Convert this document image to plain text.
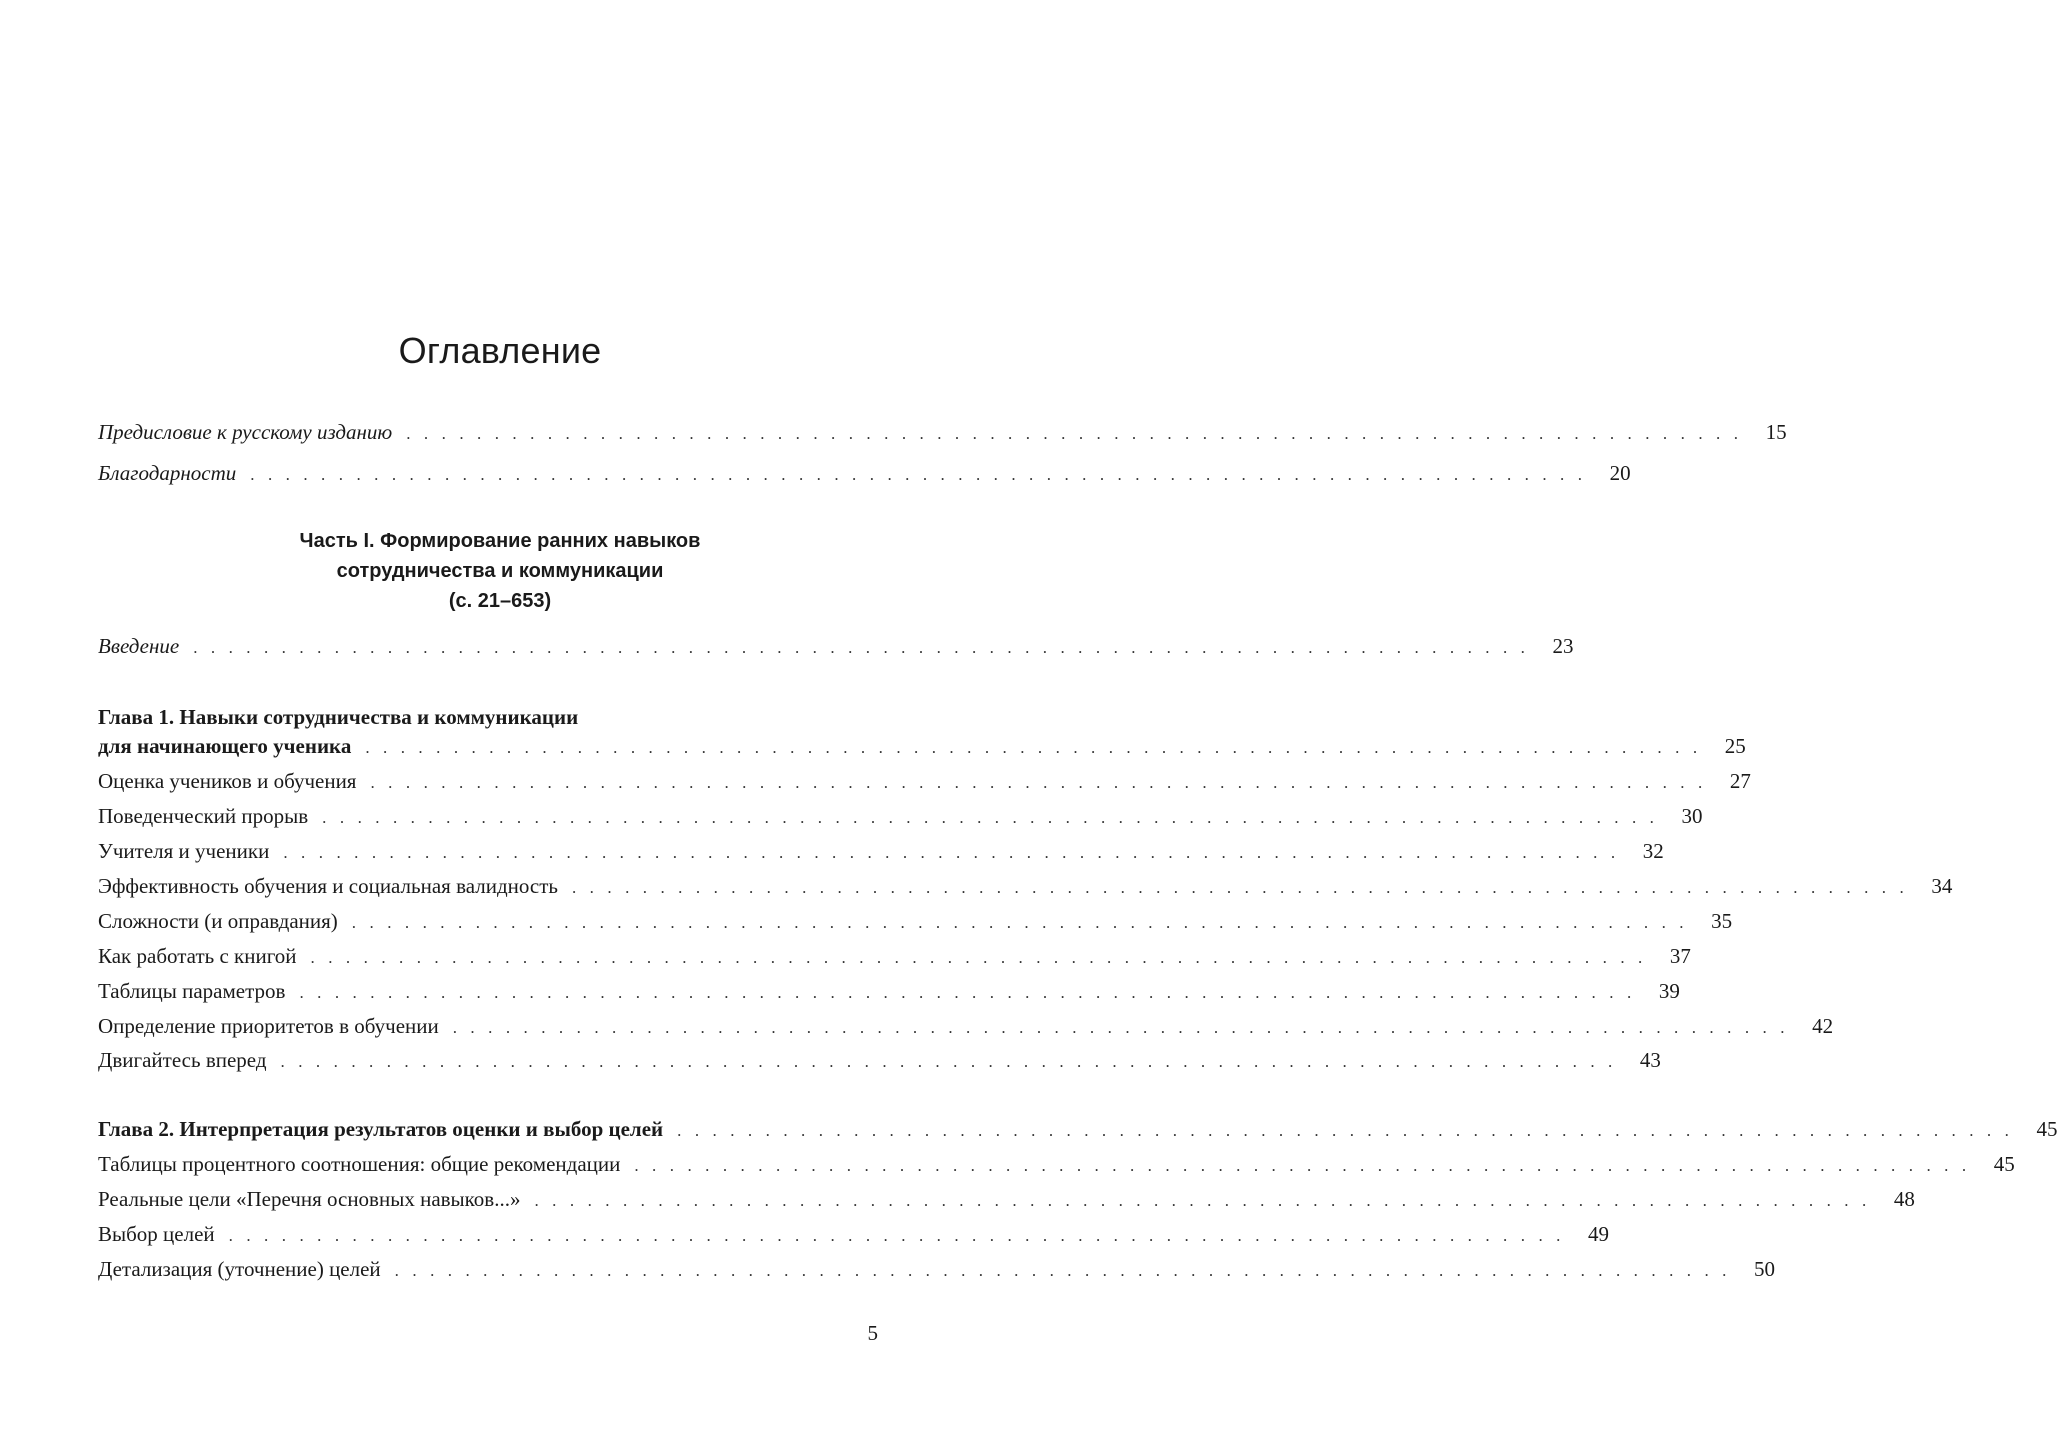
Оглавление
Предисловие к русскому изданию . . . . . . . . . . . . . . . . . . . . . . . . . . . . . . . . . . . . . . . . . . . . . . . . . . . . . . . . . . . . . . . . . . . . . . . . . . . . 15
Благодарности . . . . . . . . . . . . . . . . . . . . . . . . . . . . . . . . . . . . . . . . . . . . . . . . . . . . . . . . . . . . . . . . . . . . . . . . . . . . 20
Часть I. Формирование ранних навыков
сотрудничества и коммуникации
(с. 21–653)
Введение . . . . . . . . . . . . . . . . . . . . . . . . . . . . . . . . . . . . . . . . . . . . . . . . . . . . . . . . . . . . . . . . . . . . . . . . . . . . 23
Глава 1. Навыки сотрудничества и коммуникации
для начинающего ученика . . . . . . . . . . . . . . . . . . . . . . . . . . . . . . . . . . . . . . . . . . . . . . . . . . . . . . . . . . . . . . . . . . . . . . . . . . . . 25
Оценка учеников и обучения . . . . . . . . . . . . . . . . . . . . . . . . . . . . . . . . . . . . . . . . . . . . . . . . . . . . . . . . . . . . . . . . . . . . . . . . . . . . 27
Поведенческий прорыв . . . . . . . . . . . . . . . . . . . . . . . . . . . . . . . . . . . . . . . . . . . . . . . . . . . . . . . . . . . . . . . . . . . . . . . . . . . . 30
Учителя и ученики . . . . . . . . . . . . . . . . . . . . . . . . . . . . . . . . . . . . . . . . . . . . . . . . . . . . . . . . . . . . . . . . . . . . . . . . . . . . 32
Эффективность обучения и социальная валидность . . . . . . . . . . . . . . . . . . . . . . . . . . . . . . . . . . . . . . . . . . . . . . . . . . . . . . . . . . . . . . . . . . . . . . . . . . . . 34
Сложности (и оправдания) . . . . . . . . . . . . . . . . . . . . . . . . . . . . . . . . . . . . . . . . . . . . . . . . . . . . . . . . . . . . . . . . . . . . . . . . . . . . 35
Как работать с книгой . . . . . . . . . . . . . . . . . . . . . . . . . . . . . . . . . . . . . . . . . . . . . . . . . . . . . . . . . . . . . . . . . . . . . . . . . . . . 37
Таблицы параметров . . . . . . . . . . . . . . . . . . . . . . . . . . . . . . . . . . . . . . . . . . . . . . . . . . . . . . . . . . . . . . . . . . . . . . . . . . . . 39
Определение приоритетов в обучении . . . . . . . . . . . . . . . . . . . . . . . . . . . . . . . . . . . . . . . . . . . . . . . . . . . . . . . . . . . . . . . . . . . . . . . . . . . . 42
Двигайтесь вперед . . . . . . . . . . . . . . . . . . . . . . . . . . . . . . . . . . . . . . . . . . . . . . . . . . . . . . . . . . . . . . . . . . . . . . . . . . . . 43
Глава 2. Интерпретация результатов оценки и выбор целей . . . . . . . . . . . . . . . . . . . . . . . . . . . . . . . . . . . . . . . . . . . . . . . . . . . . . . . . . . . . . . . . . . . . . . . . . . . . 45
Таблицы процентного соотношения: общие рекомендации . . . . . . . . . . . . . . . . . . . . . . . . . . . . . . . . . . . . . . . . . . . . . . . . . . . . . . . . . . . . . . . . . . . . . . . . . . . . 45
Реальные цели «Перечня основных навыков...» . . . . . . . . . . . . . . . . . . . . . . . . . . . . . . . . . . . . . . . . . . . . . . . . . . . . . . . . . . . . . . . . . . . . . . . . . . . . 48
Выбор целей . . . . . . . . . . . . . . . . . . . . . . . . . . . . . . . . . . . . . . . . . . . . . . . . . . . . . . . . . . . . . . . . . . . . . . . . . . . . 49
Детализация (уточнение) целей . . . . . . . . . . . . . . . . . . . . . . . . . . . . . . . . . . . . . . . . . . . . . . . . . . . . . . . . . . . . . . . . . . . . . . . . . . . . 50
5
